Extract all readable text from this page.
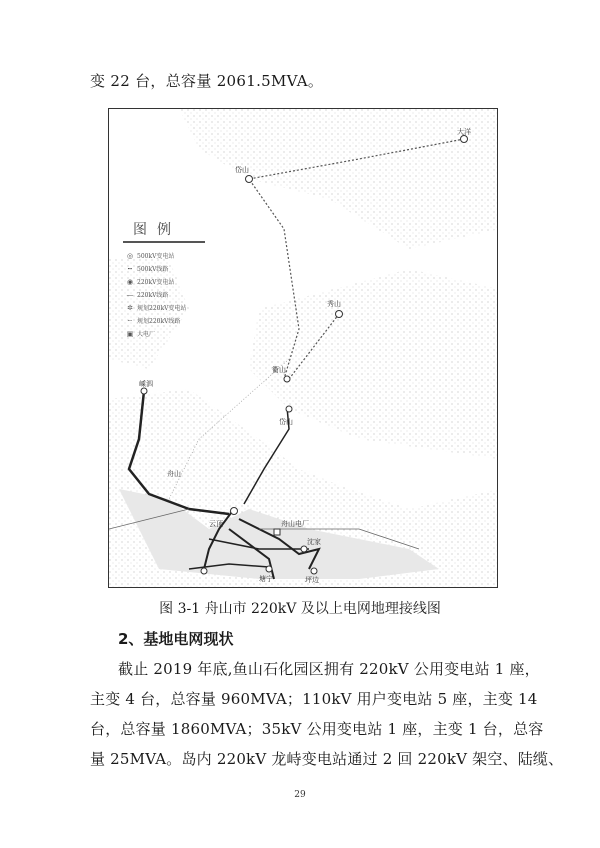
变 22 台，总容量 2061.5MVA。
图例
◎ 500kV变电站
┅ 500kV线路
◉ 220kV变电站
— 220kV线路
✲ 规划220kV变电站
┄ 规划220kV线路
▣ 大电厂
大洋
岱山
秀山
衢山
岱山
嵊泗
舟山
舟山电厂
云顶
沈家
塘宁	坪边
图 3-1 舟山市 220kV 及以上电网地理接线图
2、基地电网现状
截止 2019 年底,鱼山石化园区拥有 220kV 公用变电站 1 座，
主变 4 台，总容量 960MVA；110kV 用户变电站 5 座，主变 14
台，总容量 1860MVA；35kV 公用变电站 1 座，主变 1 台，总容
量 25MVA。岛内 220kV 龙峙变电站通过 2 回 220kV 架空、陆缆、
29
